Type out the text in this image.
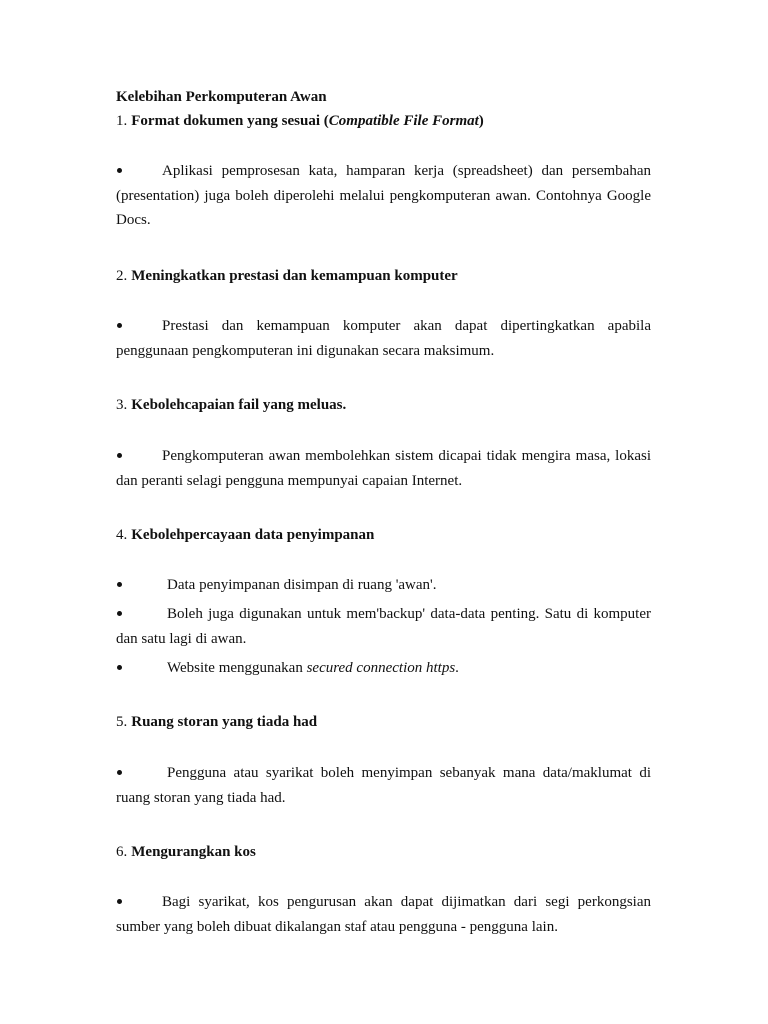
Kelebihan Perkomputeran Awan
1. Format dokumen yang sesuai (Compatible File Format)
Aplikasi pemprosesan kata, hamparan kerja (spreadsheet) dan persembahan (presentation) juga boleh diperolehi melalui pengkomputeran awan. Contohnya Google Docs.
2. Meningkatkan prestasi dan kemampuan komputer
Prestasi dan kemampuan komputer akan dapat dipertingkatkan apabila penggunaan pengkomputeran ini digunakan secara maksimum.
3. Kebolehcapaian fail yang meluas.
Pengkomputeran awan membolehkan sistem dicapai tidak mengira masa, lokasi dan peranti selagi pengguna mempunyai capaian Internet.
4. Kebolehpercayaan data penyimpanan
Data penyimpanan disimpan di ruang 'awan'.
Boleh juga digunakan untuk mem'backup' data-data penting. Satu di komputer dan satu lagi di awan.
Website menggunakan secured connection https.
5. Ruang storan yang tiada had
Pengguna atau syarikat boleh menyimpan sebanyak mana data/maklumat di ruang storan yang tiada had.
6. Mengurangkan kos
Bagi syarikat, kos pengurusan akan dapat dijimatkan dari segi perkongsian sumber yang boleh dibuat dikalangan staf atau pengguna - pengguna lain.
